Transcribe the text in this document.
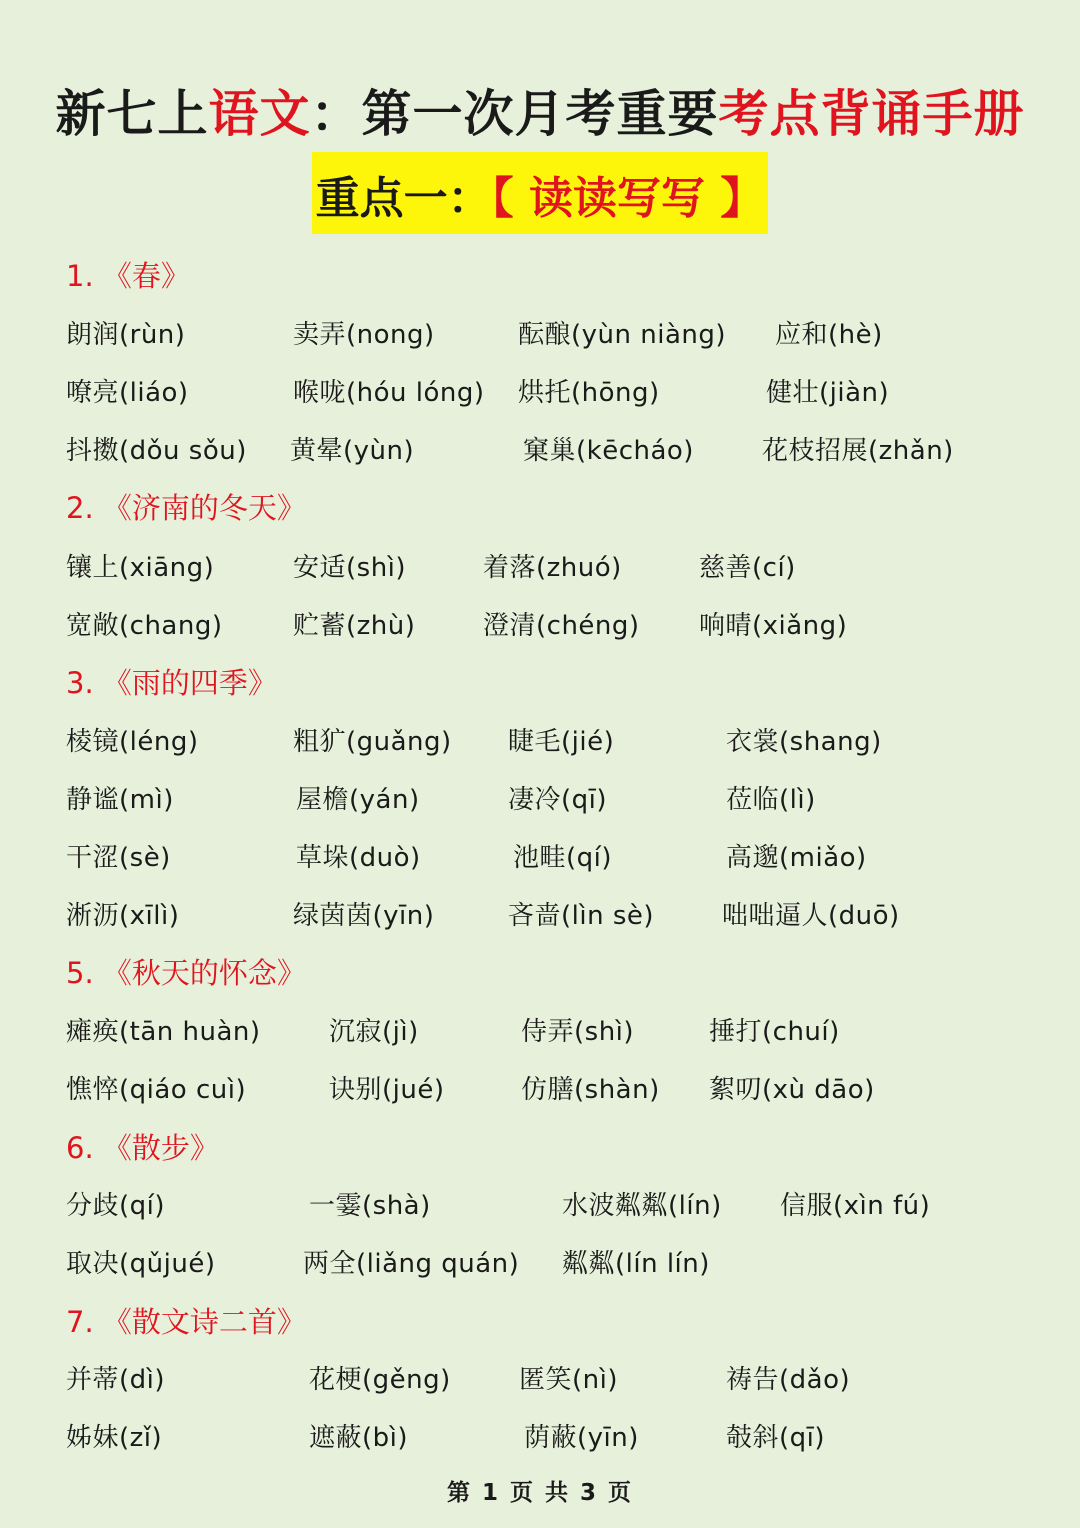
新七上语文：第一次月考重要考点背诵手册
重点一：【 读读写写 】
1. 《春》
朗润(rùn)	卖弄(nong)	酝酿(yùn niàng) 应和(hè)
嘹亮(liáo)	喉咙(hóu lóng) 烘托(hōng)	健壮(jiàn)
抖擞(dǒu sǒu) 黄晕(yùn)	窠巢(kēcháo)	花枝招展(zhǎn)
2. 《济南的冬天》
镶上(xiāng)	安适(shì)	着落(zhuó)	慈善(cí)
宽敞(chang)	贮蓄(zhù)	澄清(chéng) 响晴(xiǎng)
3. 《雨的四季》
棱镜(léng)	粗犷(guǎng) 睫毛(jié)	衣裳(shang)
静谧(mì)	屋檐(yán)	凄冷(qī)	莅临(lì)
干涩(sè)	草垛(duò)	池畦(qí)	高邈(miǎo)
淅沥(xīlì)	绿茵茵(yīn)	吝啬(lìn sè)	咄咄逼人(duō)
5. 《秋天的怀念》
瘫痪(tān huàn)	沉寂(jì)	侍弄(shì)	捶打(chuí)
憔悴(qiáo cuì)	诀别(jué)	仿膳(shàn) 絮叨(xù dāo)
6. 《散步》
分歧(qí)	一霎(shà)	水波粼粼(lín) 信服(xìn fú)
取决(qǔjué)	两全(liǎng quán) 粼粼(lín lín)
7. 《散文诗二首》
并蒂(dì)	花梗(gěng)	匿笑(nì)	祷告(dǎo)
姊妹(zǐ)	遮蔽(bì)	荫蔽(yīn)	攲斜(qī)
第 1 页 共 3 页
